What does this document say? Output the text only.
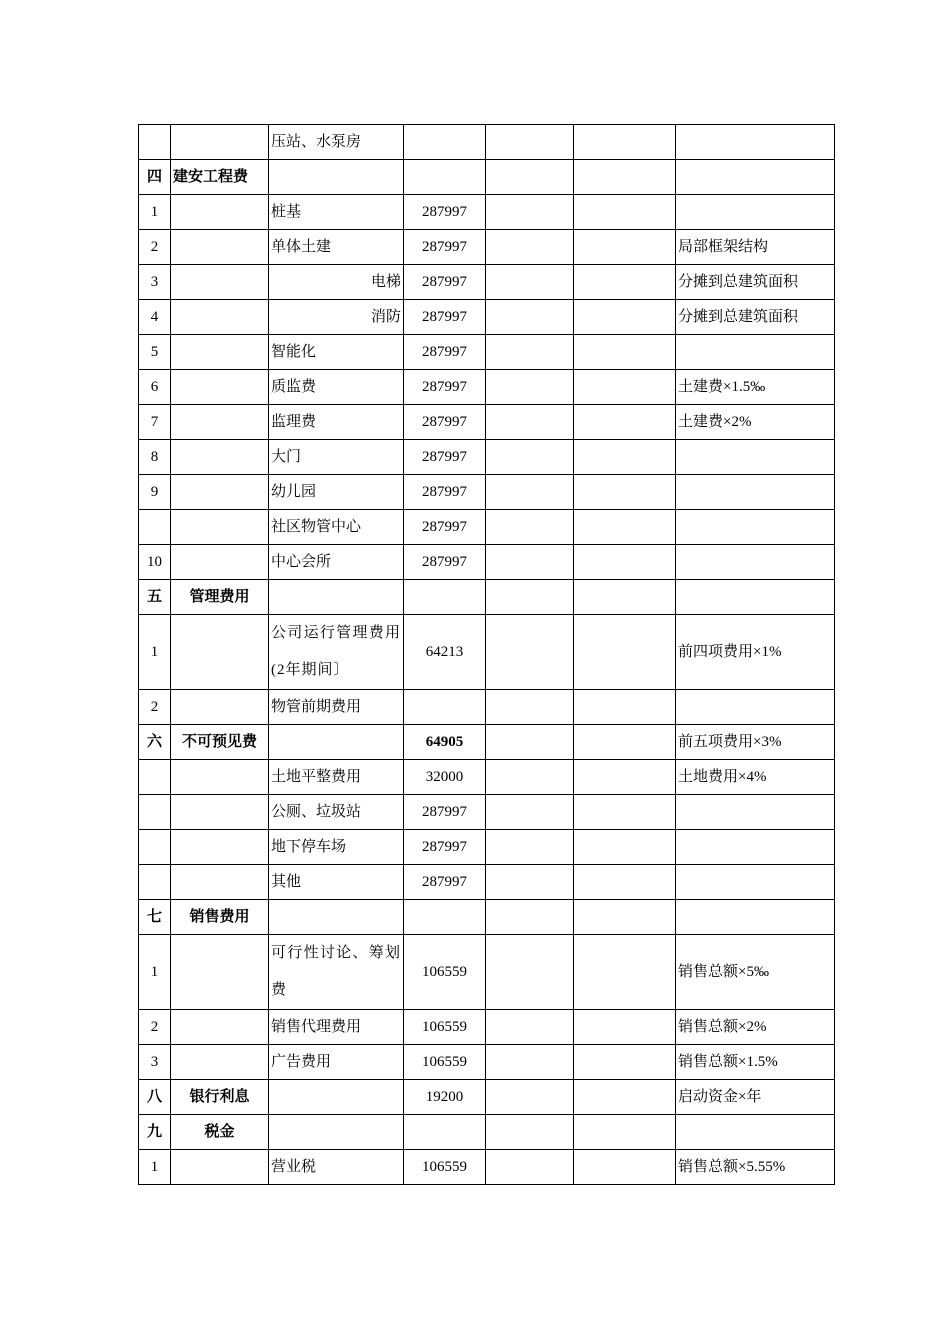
		压站、水泵房				
四	建安工程费					
1		桩基	287997			
2		单体土建	287997			局部框架结构
3		电梯	287997			分摊到总建筑面积
4		消防	287997			分摊到总建筑面积
5		智能化	287997			
6		质监费	287997			土建费×1.5‰
7		监理费	287997			土建费×2%
8		大门	287997			
9		幼儿园	287997			
		社区物管中心	287997			
10		中心会所	287997			
五	管理费用					
1		公司运行管理费用(2年期间〕	64213			前四项费用×1%
2		物管前期费用				
六	不可预见费		64905			前五项费用×3%
		土地平整费用	32000			土地费用×4%
		公厕、垃圾站	287997			
		地下停车场	287997			
		其他	287997			
七	销售费用					
1		可行性讨论、筹划费	106559			销售总额×5‰
2		销售代理费用	106559			销售总额×2%
3		广告费用	106559			销售总额×1.5%
八	银行利息		19200			启动资金×年
九	税金					
1		营业税	106559			销售总额×5.55%
